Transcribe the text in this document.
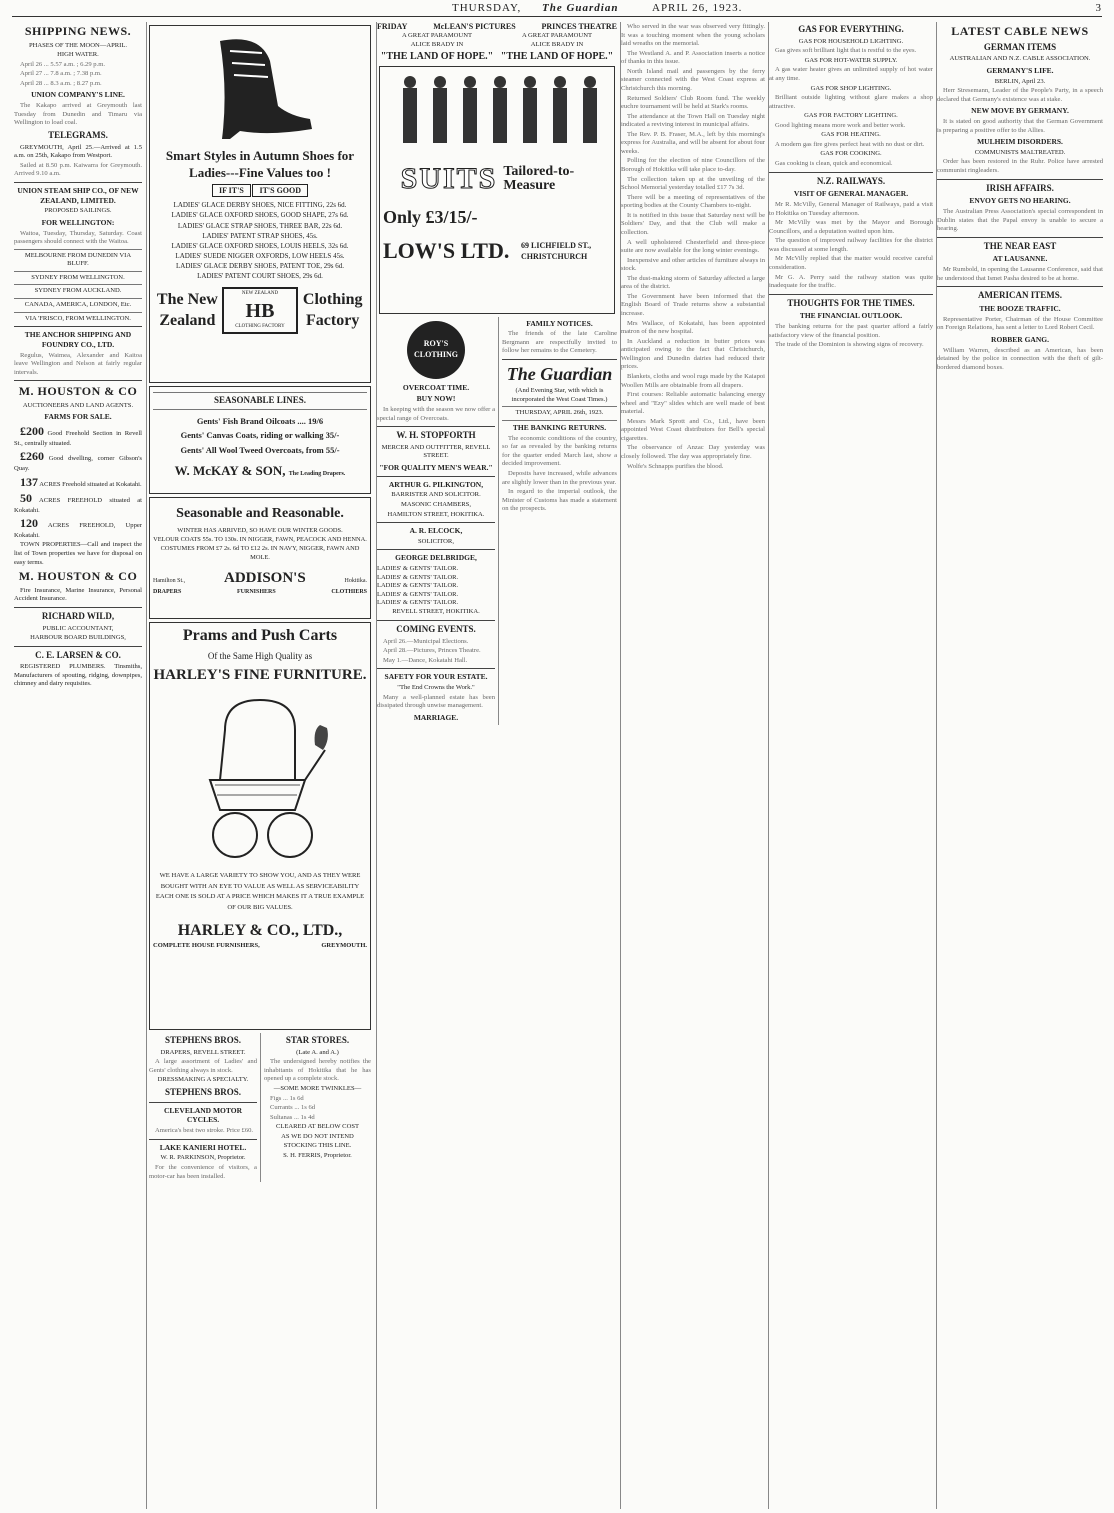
THURSDAY, The Guardian	APRIL 26, 1923.	3
SHIPPING NEWS.

PHASES OF THE MOON—APRIL.

HIGH WATER.

April 26 ... 5.57 a.m. ; 6.29 p.m.

April 27 ... 7.8 a.m. ; 7.38 p.m.

April 28 ... 8.3 a.m. ; 8.27 p.m.

UNION COMPANY'S LINE.

The Kakapo arrived at Greymouth last Tuesday from Dunedin and Timaru via Wellington to load coal.

TELEGRAMS.

GREYMOUTH, April 25.—Arrived at 1.5 a.m. on 25th, Kakapo from Westport.

Sailed at 8.50 p.m. Kaiwarra for Greymouth. Arrived 9.10 a.m.

UNION STEAM SHIP CO., OF NEW ZEALAND, LIMITED.

PROPOSED SAILINGS.

FOR WELLINGTON:

Waitoa, Tuesday, Thursday, Saturday. Coast passengers should connect with the Waitoa.

MELBOURNE FROM DUNEDIN VIA BLUFF.

SYDNEY FROM WELLINGTON.

SYDNEY FROM AUCKLAND.

CANADA, AMERICA, LONDON, Etc.

VIA 'FRISCO, FROM WELLINGTON.

THE ANCHOR SHIPPING AND FOUNDRY CO., LTD.

Regulus, Waimea, Alexander and Kaitoa leave Wellington and Nelson at fairly regular intervals.

M. HOUSTON & CO

AUCTIONEERS AND LAND AGENTS.

FARMS FOR SALE.

£200 Good Freehold Section in Revell St., centrally situated.

£260 Good dwelling, corner Gibson's Quay.

137 ACRES Freehold situated at Kokatahi.

50 ACRES FREEHOLD situated at Kokatahi.

120 ACRES FREEHOLD, Upper Kokatahi.

TOWN PROPERTIES—Call and inspect the list of Town properties we have for disposal on easy terms.

M. HOUSTON & CO

Fire Insurance, Marine Insurance, Personal Accident Insurance.

RICHARD WILD,

PUBLIC ACCOUNTANT,

HARBOUR BOARD BUILDINGS,

C. E. LARSEN & CO.

REGISTERED PLUMBERS. Tinsmiths, Manufacturers of spouting, ridging, downpipes, chimney and dairy requisites.

Smart Styles in Autumn Shoes for Ladies---Fine Values too !
IF IT'S IT'S GOOD
LADIES' GLACE DERBY SHOES, NICE FITTING, 22s 6d.
LADIES' GLACE OXFORD SHOES, GOOD SHAPE, 27s 6d.
LADIES' GLACE STRAP SHOES, THREE BAR, 22s 6d.
LADIES' PATENT STRAP SHOES, 45s.
LADIES' GLACE OXFORD SHOES, LOUIS HEELS, 32s 6d.
LADIES' SUEDE NIGGER OXFORDS, LOW HEELS 45s.
LADIES' GLACE DERBY SHOES, PATENT TOE, 29s 6d.
LADIES' PATENT COURT SHOES, 29s 6d.
The New Zealand
NEW ZEALAND
HB
CLOTHING FACTORY
Clothing Factory
SEASONABLE LINES.
Gents' Fish Brand Oilcoats .... 19/6
Gents' Canvas Coats, riding or walking 35/-
Gents' All Wool Tweed Overcoats, from 55/-
W. McKAY & SON, The Leading Drapers.
Seasonable and Reasonable.
WINTER HAS ARRIVED, SO HAVE OUR WINTER GOODS.
VELOUR COATS 55s. TO 130s. IN NIGGER, FAWN, PEACOCK AND HENNA.
COSTUMES FROM £7 2s. 6d TO £12 2s. IN NAVY, NIGGER, FAWN AND MOLE.
Hamilton St.,	ADDISON'S	Hokitika.
DRAPERS	FURNISHERS	CLOTHIERS
Prams and Push Carts
Of the Same High Quality as
HARLEY'S FINE FURNITURE.
WE HAVE A LARGE VARIETY TO SHOW YOU, AND AS THEY WERE BOUGHT WITH AN EYE TO VALUE AS WELL AS SERVICEABILITY EACH ONE IS SOLD AT A PRICE WHICH MAKES IT A TRUE EXAMPLE OF OUR BIG VALUES.
HARLEY & CO., LTD.,
COMPLETE HOUSE FURNISHERS,	GREYMOUTH.
STEPHENS BROS.

DRAPERS, REVELL STREET.

A large assortment of Ladies' and Gents' clothing always in stock.

DRESSMAKING A SPECIALTY.

STEPHENS BROS.
CLEVELAND MOTOR CYCLES.

America's best two stroke. Price £60.

LAKE KANIERI HOTEL.

W. R. PARKINSON, Proprietor.

For the convenience of visitors, a motor-car has been installed.

STAR STORES.

(Late A. and A.)

The undersigned hereby notifies the inhabitants of Hokitika that he has opened up a complete stock.

—SOME MORE TWINKLES—

Figs ... 1s 6d

Currants ... 1s 6d

Sultanas ... 1s 4d

CLEARED AT BELOW COST

AS WE DO NOT INTEND

STOCKING THIS LINE.

S. H. FERRIS, Proprietor.

FRIDAY	McLEAN'S PICTURES	PRINCES THEATRE
A GREAT PARAMOUNT
ALICE BRADY IN
"THE LAND OF HOPE."
A GREAT PARAMOUNT
ALICE BRADY IN
"THE LAND OF HOPE."
SUITS Tailored-to-Measure
Only £3/15/-
LOW'S LTD. 69 LICHFIELD ST., CHRISTCHURCH
ROY'S CLOTHING
OVERCOAT TIME.
BUY NOW!

In keeping with the season we now offer a special range of Overcoats.

W. H. STOPFORTH

MERCER AND OUTFITTER, REVELL STREET.

"FOR QUALITY MEN'S WEAR."
ARTHUR G. PILKINGTON,

BARRISTER AND SOLICITOR.

MASONIC CHAMBERS,

HAMILTON STREET, HOKITIKA.

A. R. ELCOCK,

SOLICITOR,

GEORGE DELBRIDGE,
LADIES' & GENTS' TAILOR.
LADIES' & GENTS' TAILOR.
LADIES' & GENTS' TAILOR.
LADIES' & GENTS' TAILOR.
LADIES' & GENTS' TAILOR.

REVELL STREET, HOKITIKA.

COMING EVENTS.

April 26.—Municipal Elections.

April 28.—Pictures, Princes Theatre.

May 1.—Dance, Kokatahi Hall.

SAFETY FOR YOUR ESTATE.

"The End Crowns the Work."

Many a well-planned estate has been dissipated through unwise management.

MARRIAGE.
FAMILY NOTICES.

The friends of the late Caroline Bergmann are respectfully invited to follow her remains to the Cemetery.

The Guardian

(And Evening Star, with which is incorporated the West Coast Times.)

THURSDAY, APRIL 26th, 1923.

THE BANKING RETURNS.

The economic conditions of the country, so far as revealed by the banking returns for the quarter ended March last, show a decided improvement.

Deposits have increased, while advances are slightly lower than in the previous year.

In regard to the imperial outlook, the Minister of Customs has made a statement on the prospects.

Who served in the war was observed very fittingly. It was a touching moment when the young scholars laid wreaths on the memorial.

The Westland A. and P. Association inserts a notice of thanks in this issue.

North Island mail and passengers by the ferry steamer connected with the West Coast express at Christchurch this morning.

Returned Soldiers' Club Room fund. The weekly euchre tournament will be held at Stark's rooms.

The attendance at the Town Hall on Tuesday night indicated a reviving interest in municipal affairs.

The Rev. P. B. Fraser, M.A., left by this morning's express for Australia, and will be absent for about four weeks.

Polling for the election of nine Councillors of the Borough of Hokitika will take place to-day.

The collection taken up at the unveiling of the School Memorial yesterday totalled £17 7s 3d.

There will be a meeting of representatives of the sporting bodies at the County Chambers to-night.

It is notified in this issue that Saturday next will be Soldiers' Day, and that the Club will make a collection.

A well upholstered Chesterfield and three-piece suite are now available for the long winter evenings.

Inexpensive and other articles of furniture always in stock.

The dust-making storm of Saturday affected a large area of the district.

The Government have been informed that the English Board of Trade returns show a substantial increase.

Mrs Wallace, of Kokatahi, has been appointed matron of the new hospital.

In Auckland a reduction in butter prices was anticipated owing to the fact that Christchurch, Wellington and Dunedin dairies had reduced their prices.

Blankets, cloths and wool rugs made by the Kaiapoi Woollen Mills are obtainable from all drapers.

First courses: Reliable automatic balancing energy wheel and "Ezy" slides which are well made of best material.

Messrs Mark Sprott and Co., Ltd., have been appointed West Coast distributors for Bell's special cigarettes.

The observance of Anzac Day yesterday was closely followed. The day was appropriately fine.

Wolfe's Schnapps purifies the blood.

GAS FOR EVERYTHING.

GAS FOR HOUSEHOLD LIGHTING.

Gas gives soft brilliant light that is restful to the eyes.

GAS FOR HOT-WATER SUPPLY.

A gas water heater gives an unlimited supply of hot water at any time.

GAS FOR SHOP LIGHTING.

Brilliant outside lighting without glare makes a shop attractive.

GAS FOR FACTORY LIGHTING.

Good lighting means more work and better work.

GAS FOR HEATING.

A modern gas fire gives perfect heat with no dust or dirt.

GAS FOR COOKING.

Gas cooking is clean, quick and economical.

N.Z. RAILWAYS.
VISIT OF GENERAL MANAGER.

Mr R. McVilly, General Manager of Railways, paid a visit to Hokitika on Tuesday afternoon.

Mr McVilly was met by the Mayor and Borough Councillors, and a deputation waited upon him.

The question of improved railway facilities for the district was discussed at some length.

Mr McVilly replied that the matter would receive careful consideration.

Mr G. A. Perry said the railway station was quite inadequate for the traffic.

THOUGHTS FOR THE TIMES.
THE FINANCIAL OUTLOOK.

The banking returns for the past quarter afford a fairly satisfactory view of the financial position.

The trade of the Dominion is showing signs of recovery.

LATEST CABLE NEWS
GERMAN ITEMS

AUSTRALIAN AND N.Z. CABLE ASSOCIATION.

GERMANY'S LIFE.

BERLIN, April 23.

Herr Stresemann, Leader of the People's Party, in a speech declared that Germany's existence was at stake.

NEW MOVE BY GERMANY.

It is stated on good authority that the German Government is preparing a positive offer to the Allies.

MULHEIM DISORDERS.

COMMUNISTS MALTREATED.

Order has been restored in the Ruhr. Police have arrested communist ringleaders.

IRISH AFFAIRS.
ENVOY GETS NO HEARING.

The Australian Press Association's special correspondent in Dublin states that the Papal envoy is unable to secure a hearing.

THE NEAR EAST
AT LAUSANNE.

Mr Rumbold, in opening the Lausanne Conference, said that he understood that Ismet Pasha desired to be at home.

AMERICAN ITEMS.
THE BOOZE TRAFFIC.

Representative Porter, Chairman of the House Committee on Foreign Relations, has sent a letter to Lord Robert Cecil.

ROBBER GANG.

William Warren, described as an American, has been detained by the police in connection with the theft of gilt-bordered diamond boxes.
